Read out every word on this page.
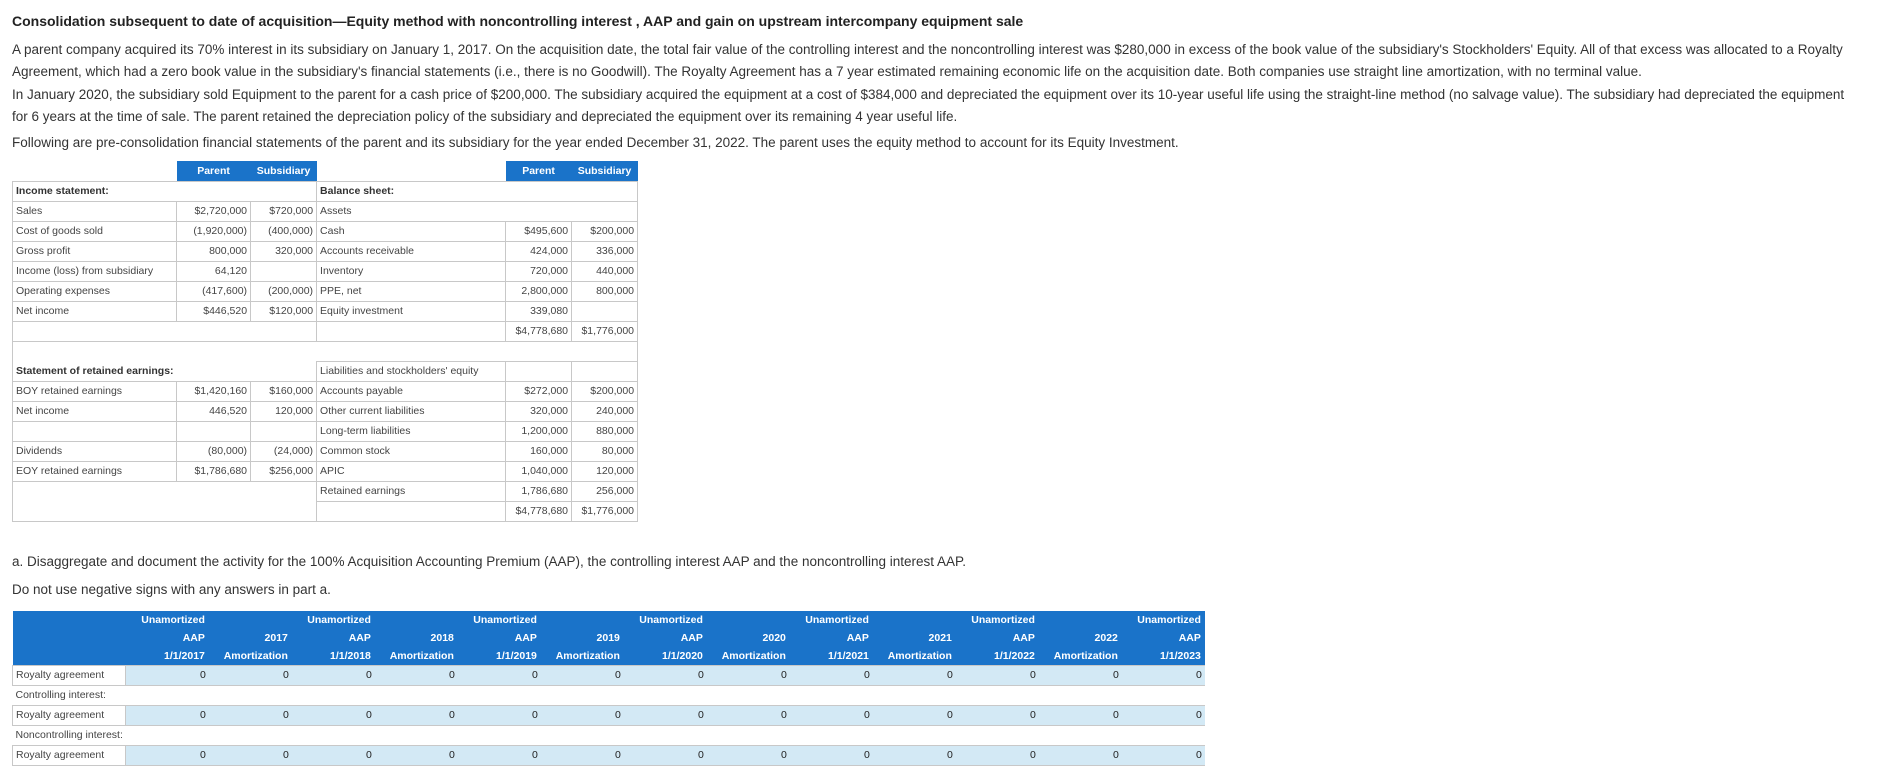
Consolidation subsequent to date of acquisition—Equity method with noncontrolling interest , AAP and gain on upstream intercompany equipment sale
A parent company acquired its 70% interest in its subsidiary on January 1, 2017. On the acquisition date, the total fair value of the controlling interest and the noncontrolling interest was $280,000 in excess of the book value of the subsidiary's Stockholders' Equity. All of that excess was allocated to a Royalty Agreement, which had a zero book value in the subsidiary's financial statements (i.e., there is no Goodwill). The Royalty Agreement has a 7 year estimated remaining economic life on the acquisition date. Both companies use straight line amortization, with no terminal value.
In January 2020, the subsidiary sold Equipment to the parent for a cash price of $200,000. The subsidiary acquired the equipment at a cost of $384,000 and depreciated the equipment over its 10-year useful life using the straight-line method (no salvage value). The subsidiary had depreciated the equipment for 6 years at the time of sale. The parent retained the depreciation policy of the subsidiary and depreciated the equipment over its remaining 4 year useful life.
Following are pre-consolidation financial statements of the parent and its subsidiary for the year ended December 31, 2022. The parent uses the equity method to account for its Equity Investment.
	Parent	Subsidiary		Parent	Subsidiary
Income statement:			Balance sheet:		
Sales	$2,720,000	$720,000	Assets		
Cost of goods sold	(1,920,000)	(400,000)	Cash	$495,600	$200,000
Gross profit	800,000	320,000	Accounts receivable	424,000	336,000
Income (loss) from subsidiary	64,120		Inventory	720,000	440,000
Operating expenses	(417,600)	(200,000)	PPE, net	2,800,000	800,000
Net income	$446,520	$120,000	Equity investment	339,080	
				$4,778,680	$1,776,000

Statement of retained earnings:			Liabilities and stockholders' equity		
BOY retained earnings	$1,420,160	$160,000	Accounts payable	$272,000	$200,000
Net income	446,520	120,000	Other current liabilities	320,000	240,000
			Long-term liabilities	1,200,000	880,000
Dividends	(80,000)	(24,000)	Common stock	160,000	80,000
EOY retained earnings	$1,786,680	$256,000	APIC	1,040,000	120,000
			Retained earnings	1,786,680	256,000
				$4,778,680	$1,776,000
a. Disaggregate and document the activity for the 100% Acquisition Accounting Premium (AAP), the controlling interest AAP and the noncontrolling interest AAP.
Do not use negative signs with any answers in part a.
	Unamortized		Unamortized		Unamortized		Unamortized		Unamortized		Unamortized		Unamortized
	AAP	2017	AAP	2018	AAP	2019	AAP	2020	AAP	2021	AAP	2022	AAP
	1/1/2017	Amortization	1/1/2018	Amortization	1/1/2019	Amortization	1/1/2020	Amortization	1/1/2021	Amortization	1/1/2022	Amortization	1/1/2023
Royalty agreement	0	0	0	0	0	0	0	0	0	0	0	0	0
Controlling interest:													
Royalty agreement	0	0	0	0	0	0	0	0	0	0	0	0	0
Noncontrolling interest:													
Royalty agreement	0	0	0	0	0	0	0	0	0	0	0	0	0
